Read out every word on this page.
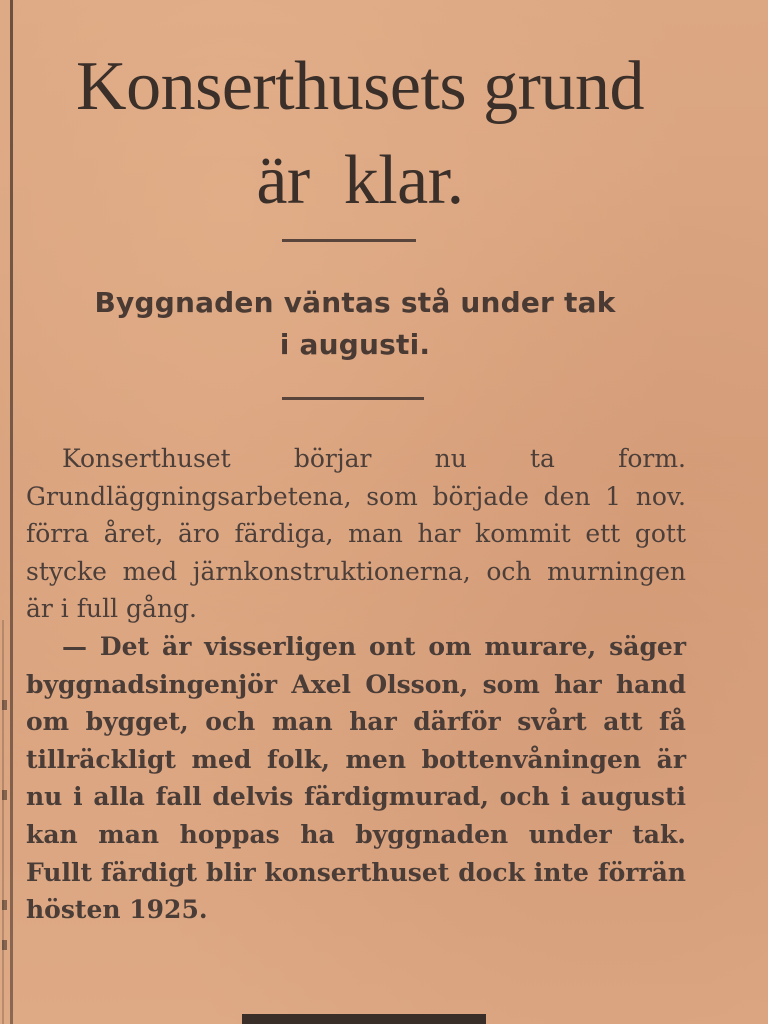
Konserthusets grund
är  klar.
Byggnaden väntas stå under tak
i augusti.

Konserthuset börjar nu ta form. Grundläggningsarbetena, som började den 1 nov. förra året, äro färdiga, man har kommit ett gott stycke med järnkonstruktionerna, och murningen är i full gång.

— Det är visserligen ont om murare, säger byggnadsingenjör Axel Olsson, som har hand om bygget, och man har därför svårt att få tillräckligt med folk, men bottenvåningen är nu i alla fall delvis färdigmurad, och i augusti kan man hoppas ha byggnaden under tak. Fullt färdigt blir konserthuset dock inte förrän hösten 1925.
